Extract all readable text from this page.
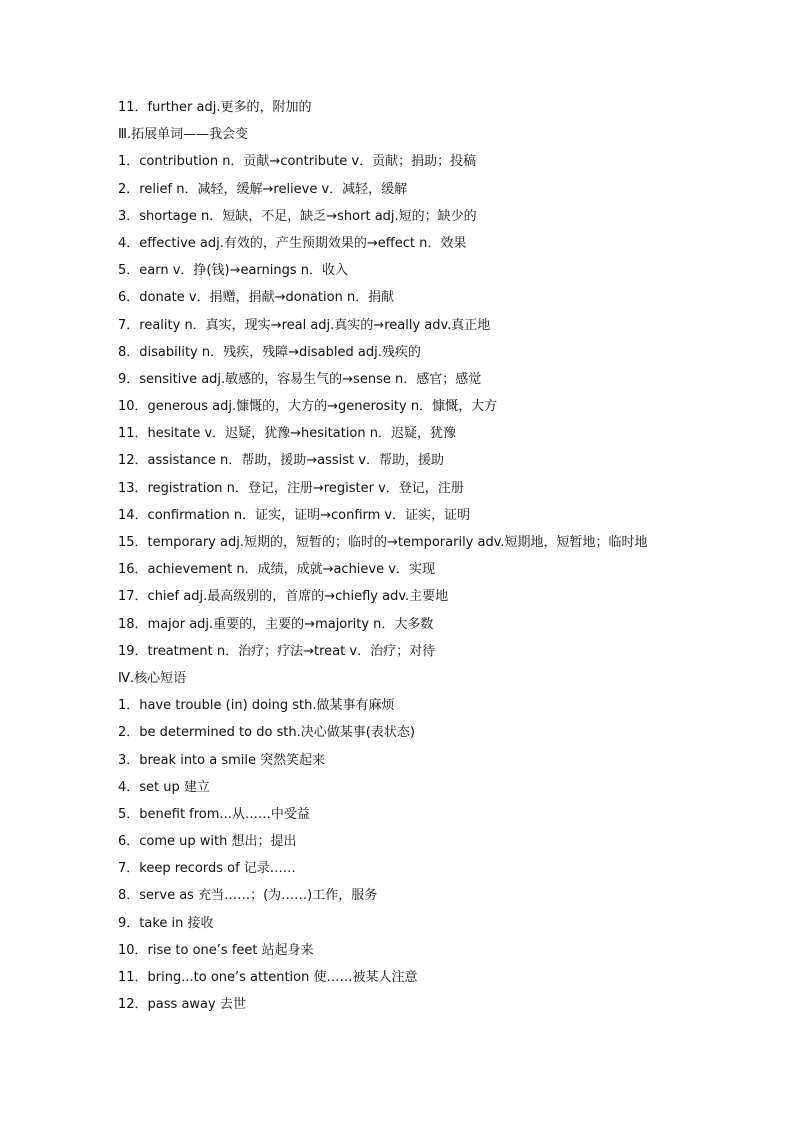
11．further adj.更多的，附加的
Ⅲ.拓展单词——我会变
1．contribution n．贡献→contribute v．贡献；捐助；投稿
2．relief n．减轻，缓解→relieve v．减轻，缓解
3．shortage n．短缺，不足，缺乏→short adj.短的；缺少的
4．effective adj.有效的，产生预期效果的→effect n．效果
5．earn v．挣(钱)→earnings n．收入
6．donate v．捐赠，捐献→donation n．捐献
7．reality n．真实，现实→real adj.真实的→really adv.真正地
8．disability n．残疾，残障→disabled adj.残疾的
9．sensitive adj.敏感的，容易生气的→sense n．感官；感觉
10．generous adj.慷慨的，大方的→generosity n．慷慨，大方
11．hesitate v．迟疑，犹豫→hesitation n．迟疑，犹豫
12．assistance n．帮助，援助→assist v．帮助，援助
13．registration n．登记，注册→register v．登记，注册
14．confirmation n．证实，证明→confirm v．证实，证明
15．temporary adj.短期的，短暂的；临时的→temporarily adv.短期地，短暂地；临时地
16．achievement n．成绩，成就→achieve v．实现
17．chief adj.最高级别的，首席的→chiefly adv.主要地
18．major adj.重要的，主要的→majority n．大多数
19．treatment n．治疗；疗法→treat v．治疗；对待
Ⅳ.核心短语
1．have trouble (in) doing sth.做某事有麻烦
2．be determined to do sth.决心做某事(表状态)
3．break into a smile 突然笑起来
4．set up 建立
5．benefit from...从……中受益
6．come up with 想出；提出
7．keep records of 记录……
8．serve as 充当……；(为……)工作，服务
9．take in 接收
10．rise to one’s feet 站起身来
11．bring...to one’s attention 使……被某人注意
12．pass away 去世
